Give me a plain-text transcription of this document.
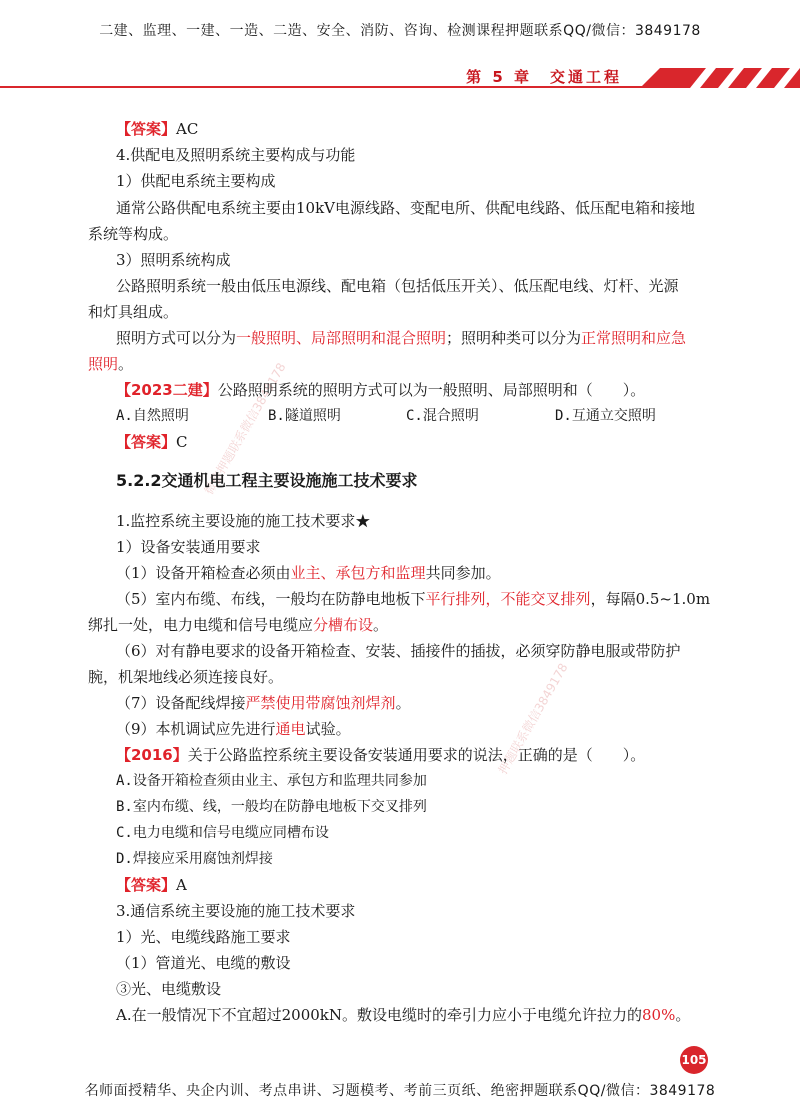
二建、监理、一建、一造、二造、安全、消防、咨询、检测课程押题联系QQ/微信：3849178
第 5 章　交通工程
微信押题联系微信3849178
押题联系微信3849178
【答案】AC
4.供配电及照明系统主要构成与功能
1）供配电系统主要构成
通常公路供配电系统主要由10kV电源线路、变配电所、供配电线路、低压配电箱和接地
系统等构成。
3）照明系统构成
公路照明系统一般由低压电源线、配电箱（包括低压开关）、低压配电线、灯杆、光源
和灯具组成。
照明方式可以分为一般照明、局部照明和混合照明；照明种类可以分为正常照明和应急
照明。
【2023二建】公路照明系统的照明方式可以为一般照明、局部照明和（　　）。
A.自然照明	B.隧道照明	C.混合照明	D.互通立交照明
【答案】C
5.2.2交通机电工程主要设施施工技术要求
1.监控系统主要设施的施工技术要求★
1）设备安装通用要求
（1）设备开箱检查必须由业主、承包方和监理共同参加。
（5）室内布缆、布线，一般均在防静电地板下平行排列，不能交叉排列，每隔0.5~1.0m
绑扎一处，电力电缆和信号电缆应分槽布设。
（6）对有静电要求的设备开箱检查、安装、插接件的插拔，必须穿防静电服或带防护
腕，机架地线必须连接良好。
（7）设备配线焊接严禁使用带腐蚀剂焊剂。
（9）本机调试应先进行通电试验。
【2016】关于公路监控系统主要设备安装通用要求的说法，正确的是（　　）。
A.设备开箱检查须由业主、承包方和监理共同参加
B.室内布缆、线，一般均在防静电地板下交叉排列
C.电力电缆和信号电缆应同槽布设
D.焊接应采用腐蚀剂焊接
【答案】A
3.通信系统主要设施的施工技术要求
1）光、电缆线路施工要求
（1）管道光、电缆的敷设
③光、电缆敷设
A.在一般情况下不宜超过2000kN。敷设电缆时的牵引力应小于电缆允许拉力的80%。
105
名师面授精华、央企内训、考点串讲、习题模考、考前三页纸、绝密押题联系QQ/微信：3849178
